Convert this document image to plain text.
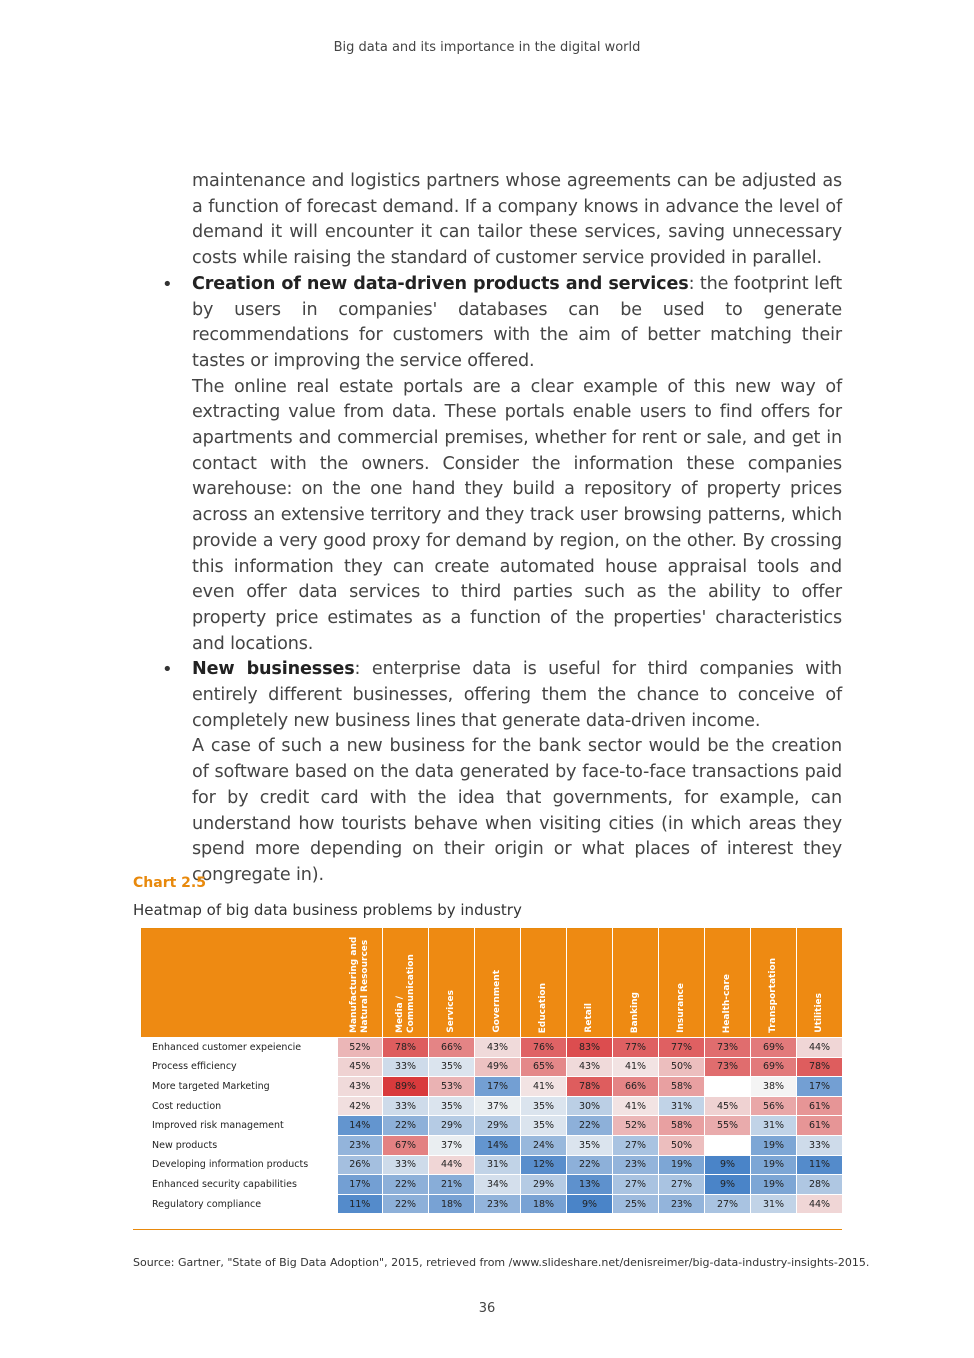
Big data and its importance in the digital world

maintenance and logistics partners whose agreements can be adjusted as a function of forecast demand. If a company knows in advance the level of demand it will encounter it can tailor these services, saving unnecessary costs while raising the standard of customer service provided in parallel.

• Creation of new data-driven products and services: the footprint left by users in companies' databases can be used to generate recommendations for customers with the aim of better matching their tastes or improving the service offered.

The online real estate portals are a clear example of this new way of extracting value from data. These portals enable users to find offers for apartments and commercial premises, whether for rent or sale, and get in contact with the owners. Consider the information these companies warehouse: on the one hand they build a repository of property prices across an extensive territory and they track user browsing patterns, which provide a very good proxy for demand by region, on the other. By crossing this information they can create automated house appraisal tools and even offer data services to third parties such as the ability to offer property price estimates as a function of the properties' characteristics and locations.

• New businesses: enterprise data is useful for third companies with entirely different businesses, offering them the chance to conceive of completely new business lines that generate data-driven income.

A case of such a new business for the bank sector would be the creation of software based on the data generated by face-to-face transactions paid for by credit card with the idea that governments, for example, can understand how tourists behave when visiting cities (in which areas they spend more depending on their origin or what places of interest they congregate in).

Chart 2.5
Heatmap of big data business problems by industry
	Manufacturing and Natural Resources	Media / Communication	Services	Government	Education	Retail	Banking	Insurance	Health-care	Transportation	Utilities
Enhanced customer expeiencie	52%	78%	66%	43%	76%	83%	77%	77%	73%	69%	44%
Process efficiency	45%	33%	35%	49%	65%	43%	41%	50%	73%	69%	78%
More targeted Marketing	43%	89%	53%	17%	41%	78%	66%	58%		38%	17%
Cost reduction	42%	33%	35%	37%	35%	30%	41%	31%	45%	56%	61%
Improved risk management	14%	22%	29%	29%	35%	22%	52%	58%	55%	31%	61%
New products	23%	67%	37%	14%	24%	35%	27%	50%		19%	33%
Developing information products	26%	33%	44%	31%	12%	22%	23%	19%	9%	19%	11%
Enhanced security capabilities	17%	22%	21%	34%	29%	13%	27%	27%	9%	19%	28%
Regulatory compliance	11%	22%	18%	23%	18%	9%	25%	23%	27%	31%	44%
Source: Gartner, "State of Big Data Adoption", 2015, retrieved from /www.slideshare.net/denisreimer/big-data-industry-insights-2015.
36
